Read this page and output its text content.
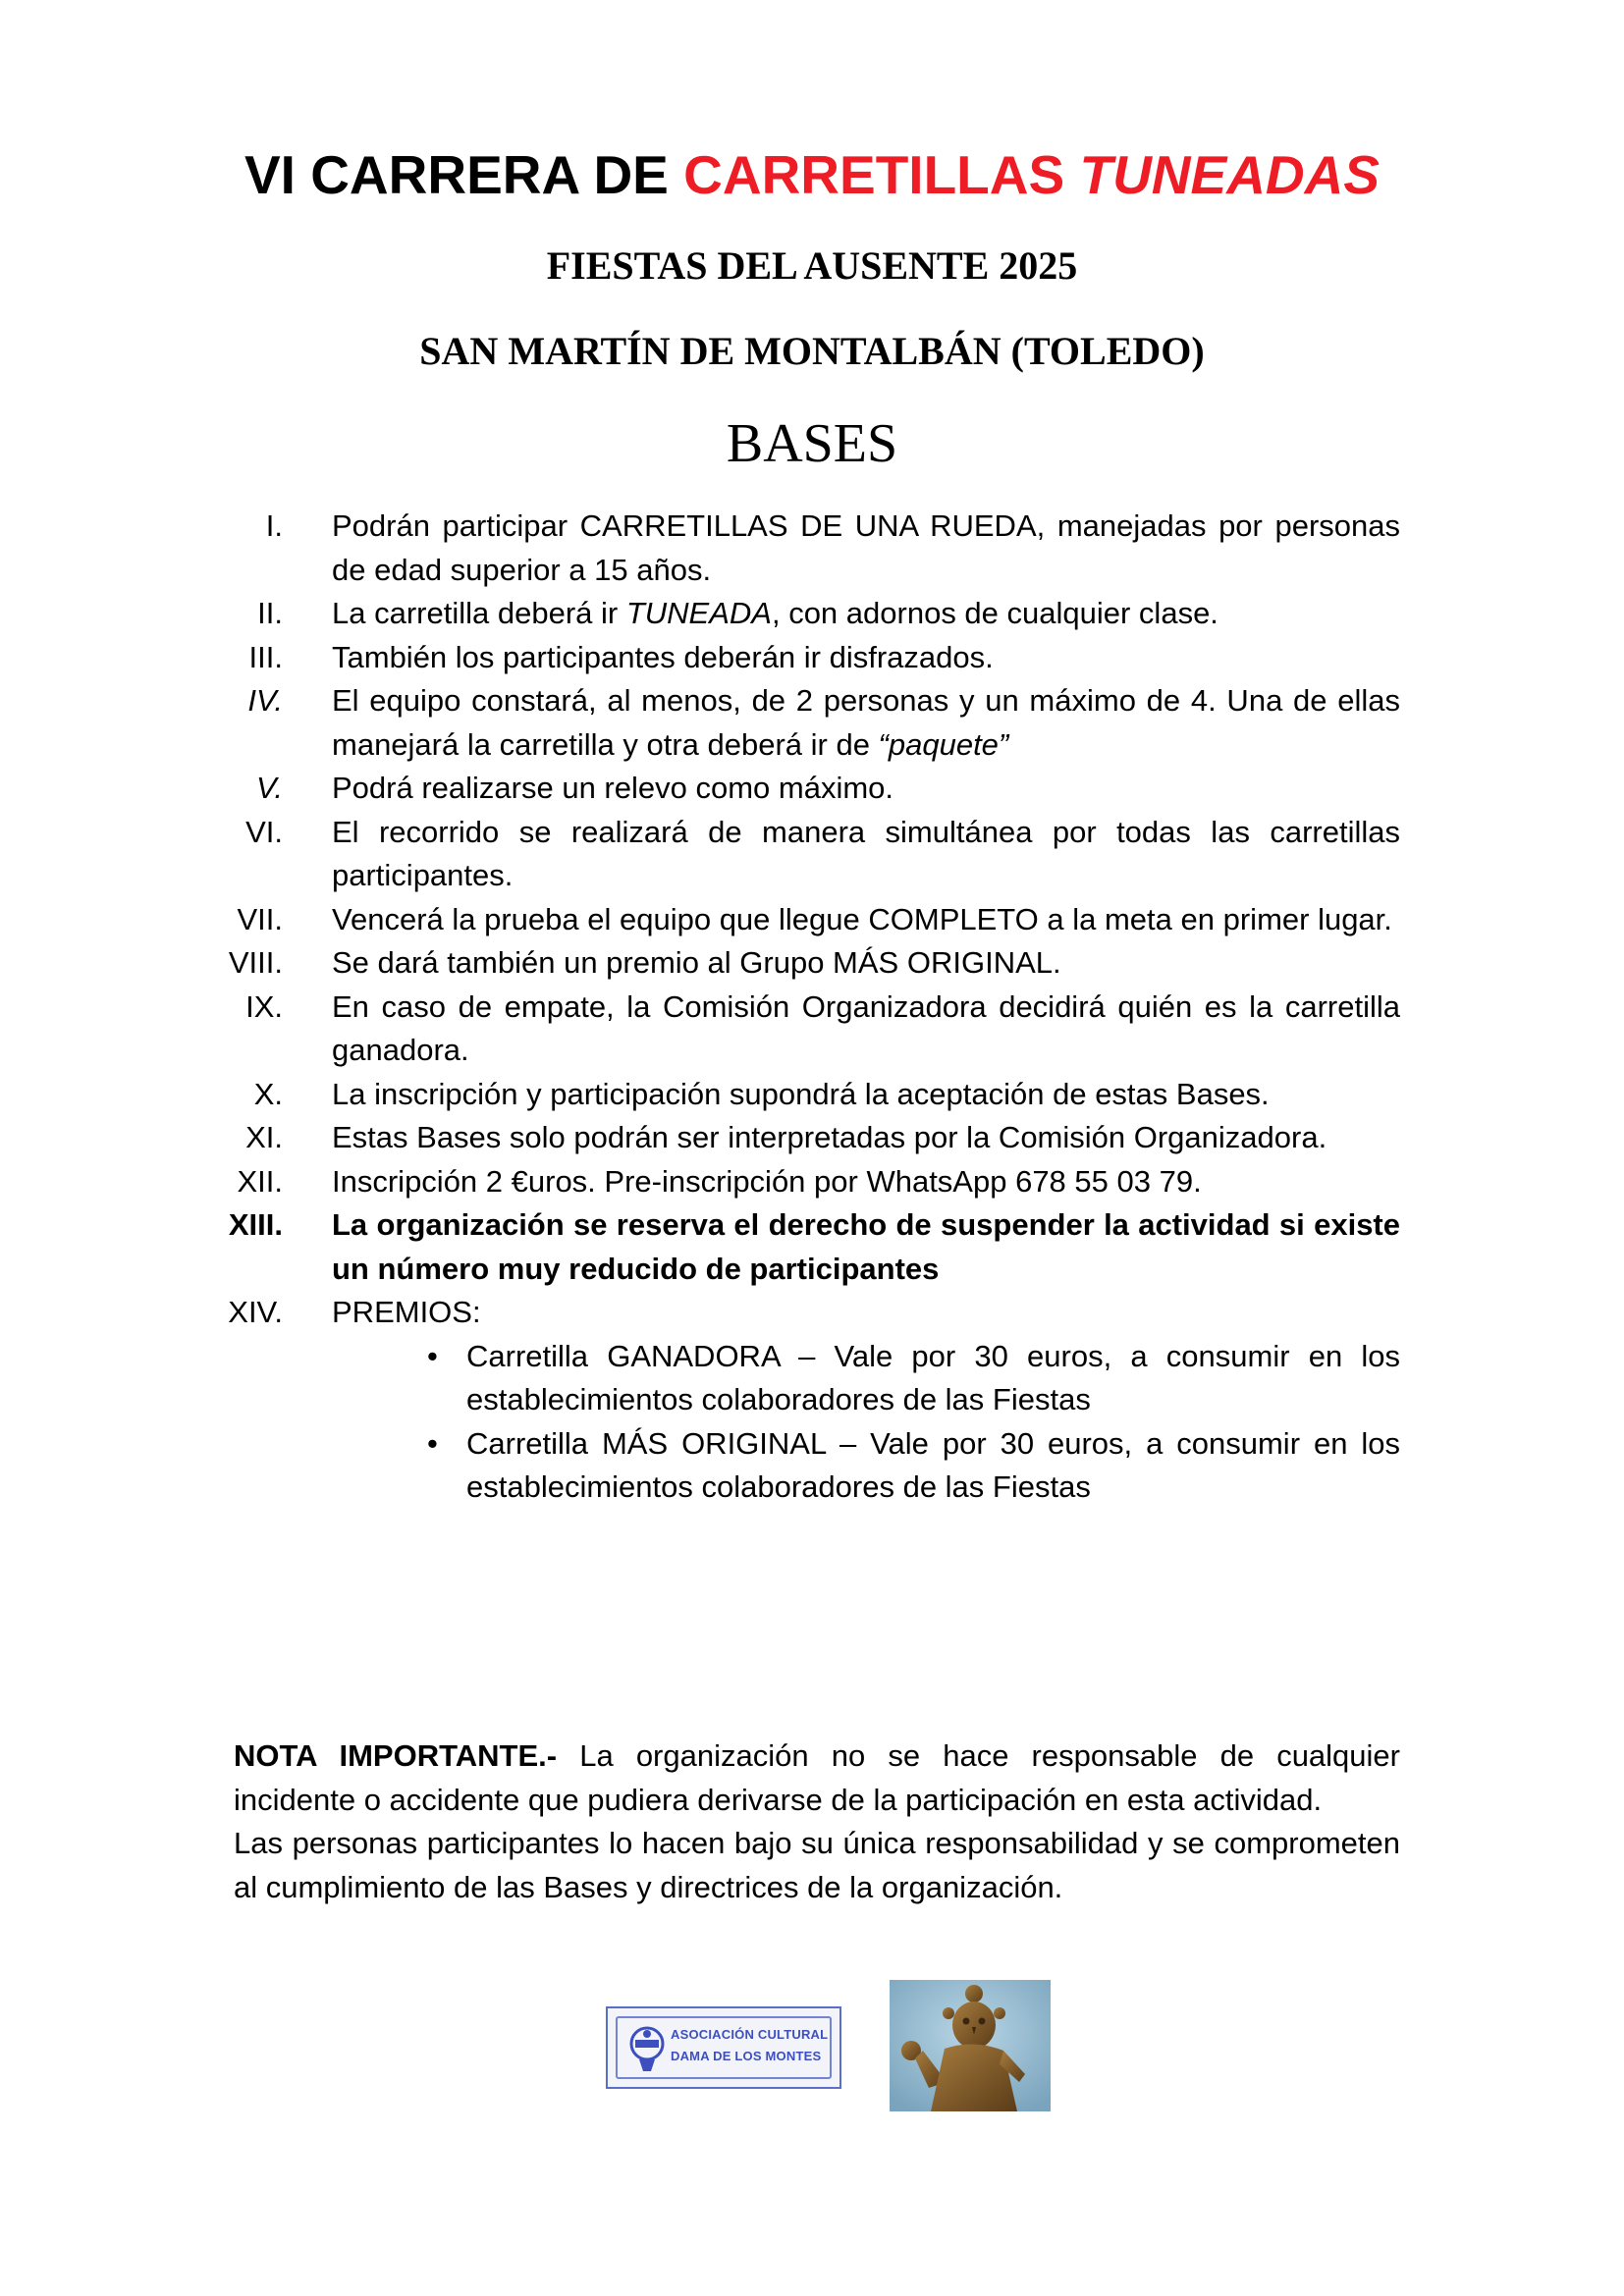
VI CARRERA DE CARRETILLAS TUNEADAS
FIESTAS DEL AUSENTE 2025
SAN MARTÍN DE MONTALBÁN (TOLEDO)
BASES
I. Podrán participar CARRETILLAS DE UNA RUEDA, manejadas por personas de edad superior a 15 años.
II. La carretilla deberá ir TUNEADA, con adornos de cualquier clase.
III. También los participantes deberán ir disfrazados.
IV. El equipo constará, al menos, de 2 personas y un máximo de 4. Una de ellas manejará la carretilla y otra deberá ir de “paquete”
V. Podrá realizarse un relevo como máximo.
VI. El recorrido se realizará de manera simultánea por todas las carretillas participantes.
VII. Vencerá la prueba el equipo que llegue COMPLETO a la meta en primer lugar.
VIII. Se dará también un premio al Grupo MÁS ORIGINAL.
IX. En caso de empate, la Comisión Organizadora decidirá quién es la carretilla ganadora.
X. La inscripción y participación supondrá la aceptación de estas Bases.
XI. Estas Bases solo podrán ser interpretadas por la Comisión Organizadora.
XII. Inscripción 2 €uros. Pre-inscripción por WhatsApp 678 55 03 79.
XIII. La organización se reserva el derecho de suspender la actividad si existe un número muy reducido de participantes
XIV. PREMIOS:
• Carretilla GANADORA – Vale por 30 euros, a consumir en los
establecimientos colaboradores de las Fiestas
• Carretilla MÁS ORIGINAL – Vale por 30 euros, a consumir en los
establecimientos colaboradores de las Fiestas

NOTA IMPORTANTE.- La organización no se hace responsable de cualquier incidente o accidente que pudiera derivarse de la participación en esta actividad.

Las personas participantes lo hacen bajo su única responsabilidad y se comprometen al cumplimiento de las Bases y directrices de la organización.

ASOCIACIÓN CULTURAL
DAMA DE LOS MONTES
